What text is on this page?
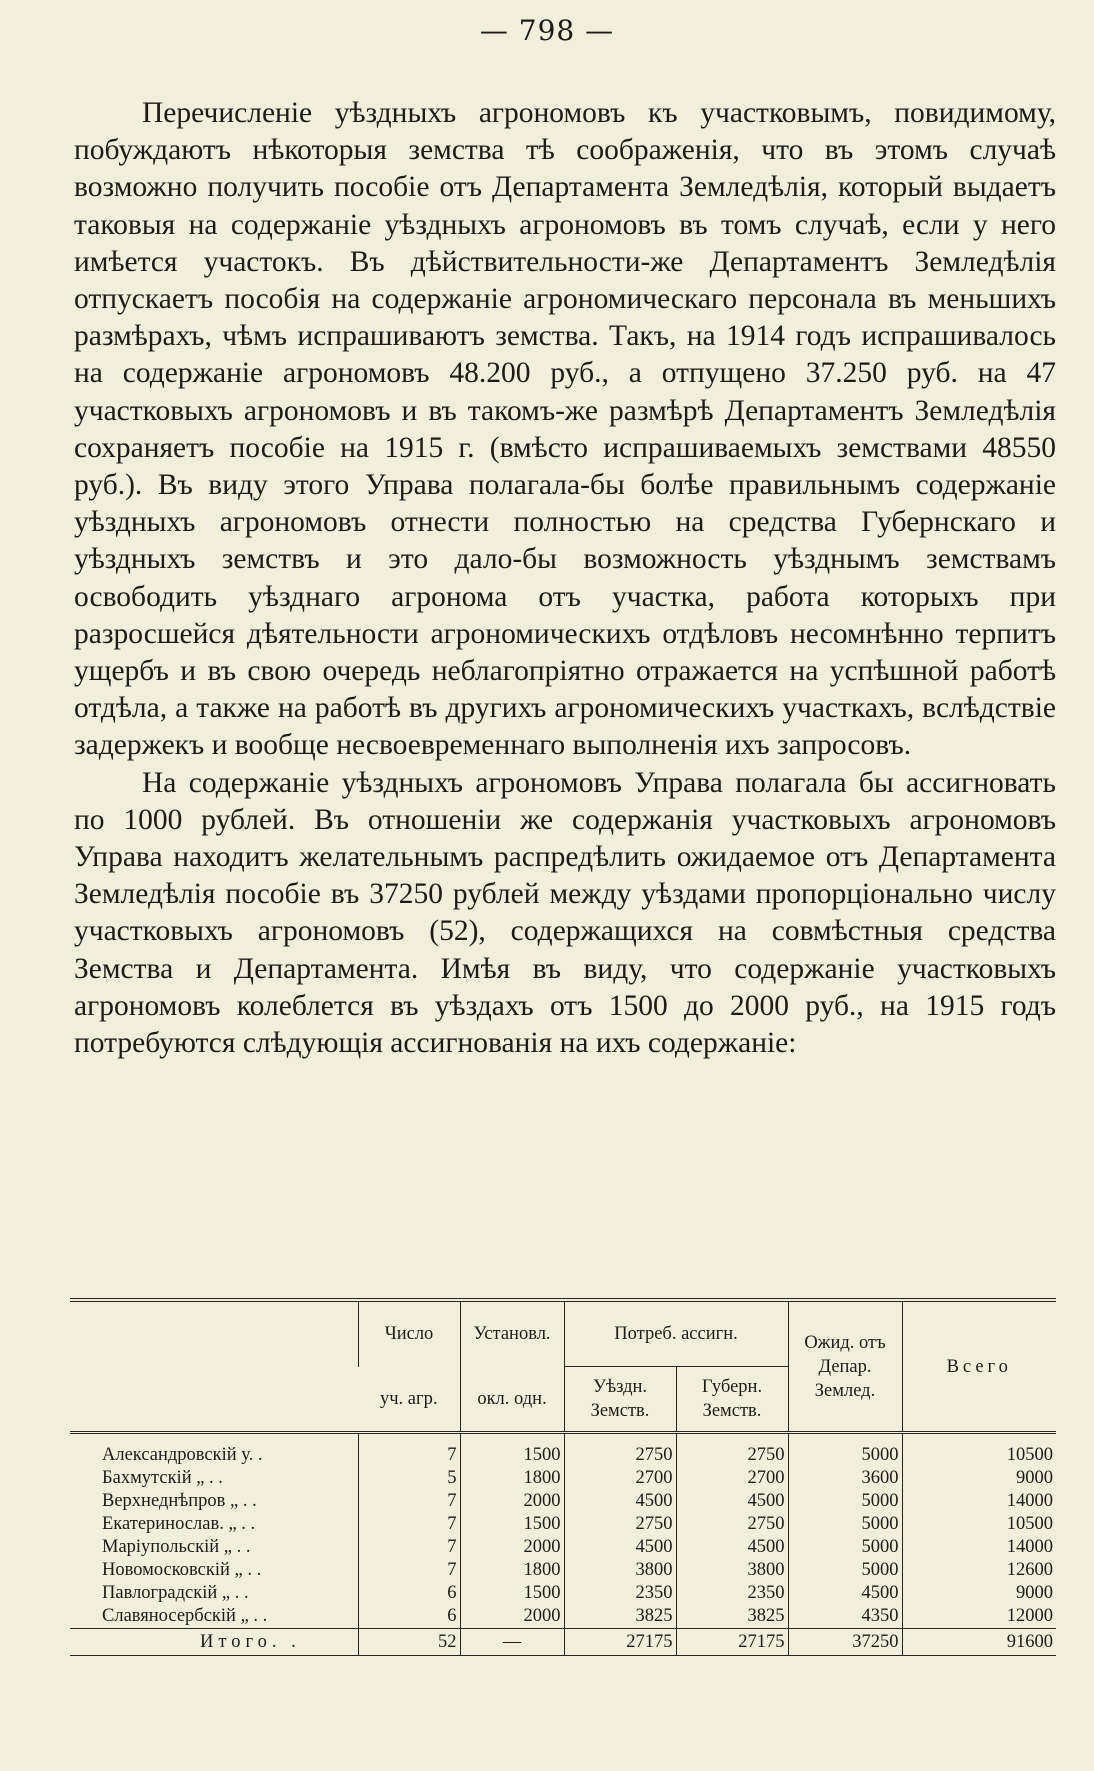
— 798 —

Перечисленіе уѣздныхъ агрономовъ къ участковымъ, повидимому, побуждаютъ нѣкоторыя земства тѣ соображенія, что въ этомъ случаѣ возможно получить пособіе отъ Департамента Земледѣлія, который выдаетъ таковыя на содержаніе уѣздныхъ агрономовъ въ томъ случаѣ, если у него имѣется участокъ. Въ дѣйствительности-же Департаментъ Земледѣлія отпускаетъ пособія на содержаніе агрономическаго персонала въ меньшихъ размѣрахъ, чѣмъ испрашиваютъ земства. Такъ, на 1914 годъ испрашивалось на содержаніе агрономовъ 48.200 руб., а отпущено 37.250 руб. на 47 участковыхъ агрономовъ и въ такомъ-же размѣрѣ Департаментъ Земледѣлія сохраняетъ пособіе на 1915 г. (вмѣсто испрашиваемыхъ земствами 48550 руб.). Въ виду этого Управа полагала-бы болѣе правильнымъ содержаніе уѣздныхъ агрономовъ отнести полностью на средства Губернскаго и уѣздныхъ земствъ и это дало-бы возможность уѣзднымъ земствамъ освободить уѣзднаго агронома отъ участка, работа которыхъ при разросшейся дѣятельности агрономическихъ отдѣловъ несомнѣнно терпитъ ущербъ и въ свою очередь неблагопріятно отражается на успѣшной работѣ отдѣла, а также на работѣ въ другихъ агрономическихъ участкахъ, вслѣдствіе задержекъ и вообще несвоевременнаго выполненія ихъ запросовъ.

На содержаніе уѣздныхъ агрономовъ Управа полагала бы ассигновать по 1000 рублей. Въ отношеніи же содержанія участковыхъ агрономовъ Управа находитъ желательнымъ распредѣлить ожидаемое отъ Департамента Земледѣлія пособіе въ 37250 рублей между уѣздами пропорціонально числу участковыхъ агрономовъ (52), содержащихся на совмѣстныя средства Земства и Департамента. Имѣя въ виду, что содержаніе участковыхъ агрономовъ колеблется въ уѣздахъ отъ 1500 до 2000 руб., на 1915 годъ потребуются слѣдующія ассигнованія на ихъ содержаніе:

	Число	Установл.	Потреб. ассигн.		Ожид. отъ Депар. Землед.	Всего
	уч. агр.	окл. одн.	Уѣздн. Земств.	Губерн. Земств.		

Александровскій у. .	7	1500	2750	2750	5000	10500
Бахмутскій „ . .	5	1800	2700	2700	3600	9000
Верхнеднѣпров „ . .	7	2000	4500	4500	5000	14000
Екатеринослав. „ . .	7	1500	2750	2750	5000	10500
Маріупольскій „ . .	7	2000	4500	4500	5000	14000
Новомосковскій „ . .	7	1800	3800	3800	5000	12600
Павлоградскій „ . .	6	1500	2350	2350	4500	9000
Славяносербскій „ . .	6	2000	3825	3825	4350	12000
Итого. .	52	—	27175	27175	37250	91600
